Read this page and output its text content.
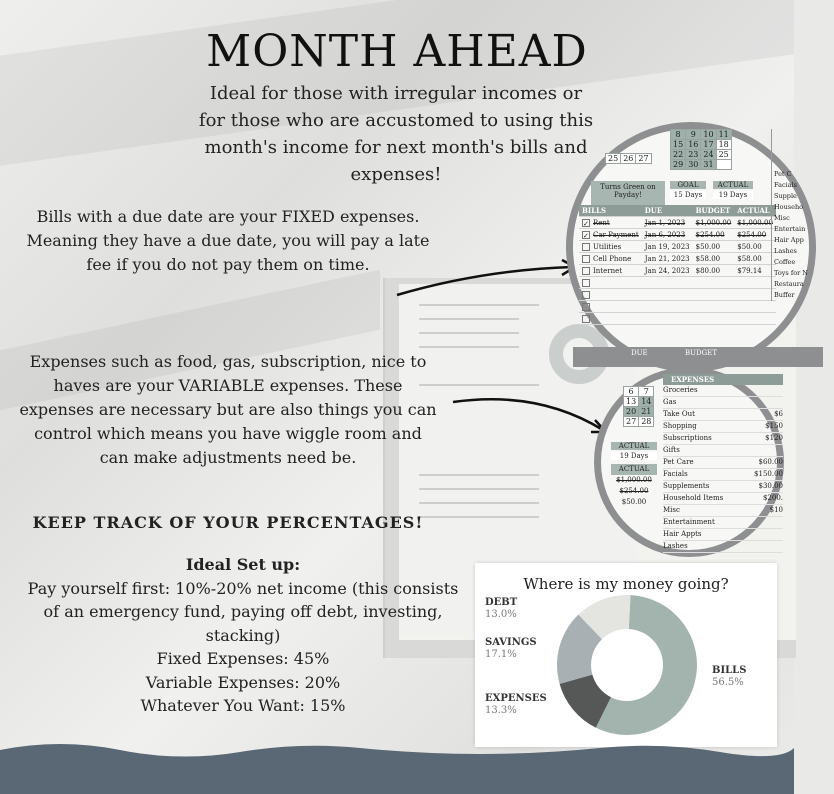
MONTH AHEAD
Ideal for those with irregular incomes or for those who are accustomed to using this month's income for next month's bills and expenses!
Bills with a due date are your FIXED expenses. Meaning they have a due date, you will pay a late fee if you do not pay them on time.
Expenses such as food, gas, subscription, nice to haves are your VARIABLE expenses. These expenses are necessary but are also things you can control which means you have wiggle room and can make adjustments need be.
KEEP TRACK OF YOUR PERCENTAGES!
Ideal Set up:
Pay yourself first: 10%-20% net income (this consists of an emergency fund, paying off debt, investing, stacking)
Fixed Expenses: 45%
Variable Expenses: 20%
Whatever You Want: 15%
8	9	10	11
15	16	17	18
22	23	24	25
29	30	31	
25	26	27
Turns Green on Payday!
GOAL
15 Days
ACTUAL
19 Days
BILLS	DUE	BUDGET	ACTUAL
✓ Rent	Jan 1, 2023	$1,000.00	$1,000.00
✓ Car Payment	Jan 6, 2023	$254.00	$254.00
Utilities	Jan 19, 2023	$50.00	$50.00
Cell Phone	Jan 21, 2023	$58.00	$58.00
Internet	Jan 24, 2023	$80.00	$79.14

DUE	BUDGET
Pet C
Facials
Supple
Househo
Misc
Entertain
Hair App
Lashes
Coffee
Toys for N
Restaura
Buffer
6	7
13	14
20	21
27	28
ACTUAL
19 Days
ACTUAL
$1,000.00
$254.00
$50.00
EXPENSES
Groceries
Gas
Take Out	$6
Shopping	$150
Subscriptions	$120
Gifts
Pet Care	$60.00
Facials	$150.00
Supplements	$30.00
Household Items	$200.
Misc	$10
Entertainment
Hair Appts
Lashes
Where is my money going?
DEBT
13.0%
SAVINGS
17.1%
EXPENSES
13.3%
BILLS
56.5%
